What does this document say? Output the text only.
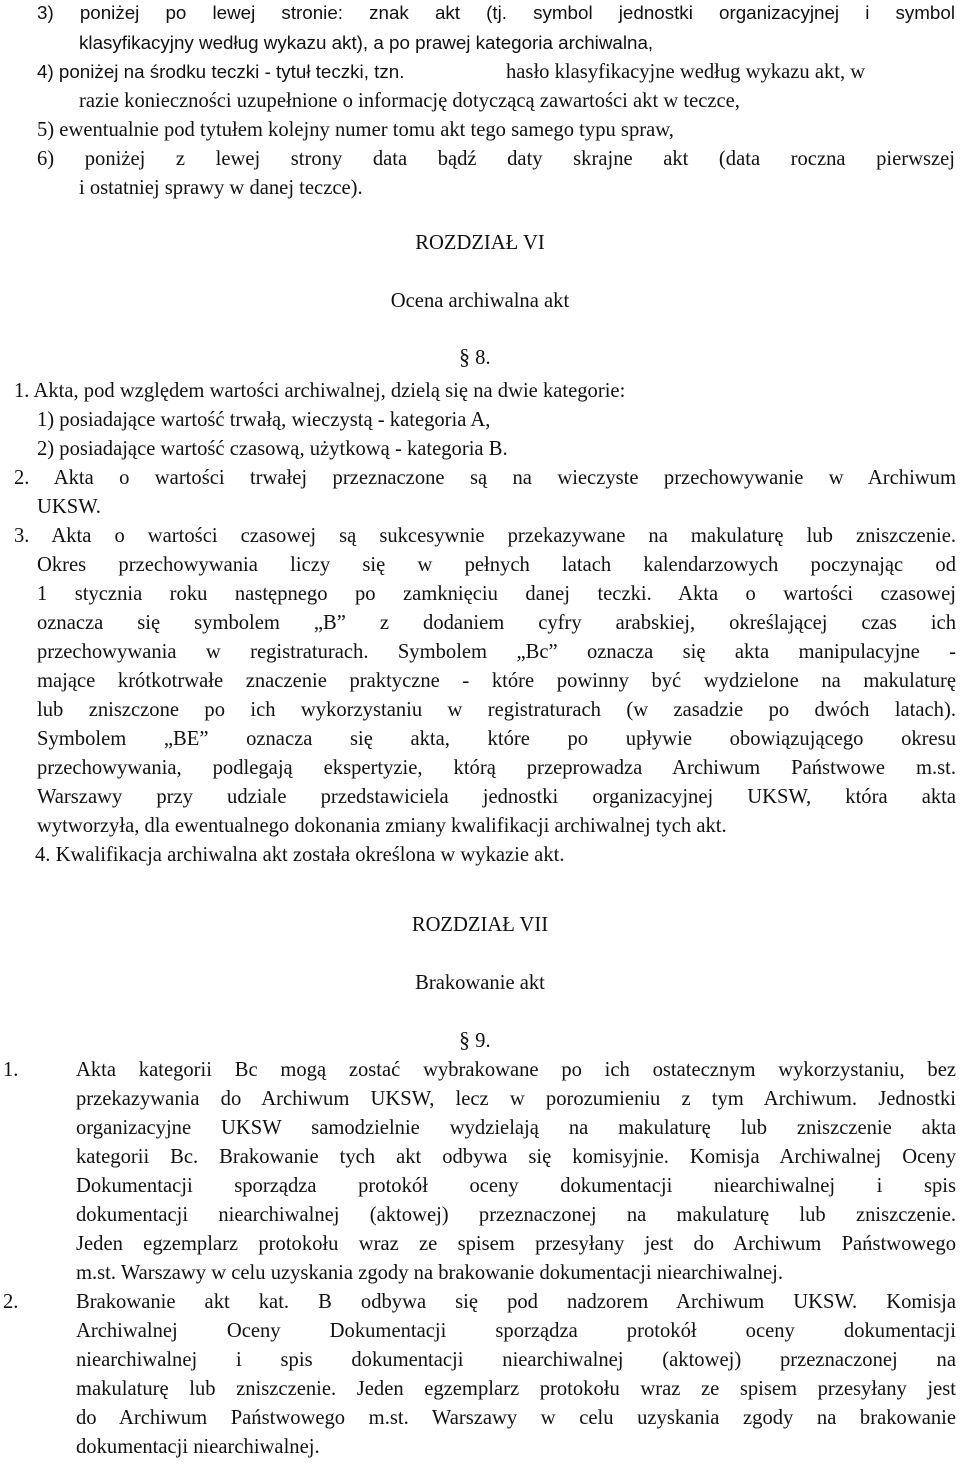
3) poniżej po lewej stronie: znak akt (tj. symbol jednostki organizacyjnej i symbol
klasyfikacyjny według wykazu akt), a po prawej kategoria archiwalna,
4) poniżej na środku teczki - tytuł teczki, tzn.	hasło klasyfikacyjne według wykazu akt, w
razie konieczności uzupełnione o informację dotyczącą zawartości akt w teczce,
5) ewentualnie pod tytułem kolejny numer tomu akt tego samego typu spraw,
6) poniżej z lewej strony data bądź daty skrajne akt (data roczna pierwszej
i ostatniej sprawy w danej teczce).
ROZDZIAŁ VI
Ocena archiwalna akt
§ 8.
1. Akta, pod względem wartości archiwalnej, dzielą się na dwie kategorie:
1) posiadające wartość trwałą, wieczystą - kategoria A,
2) posiadające wartość czasową, użytkową - kategoria B.
2. Akta o wartości trwałej przeznaczone są na wieczyste przechowywanie w Archiwum
UKSW.
3. Akta o wartości czasowej są sukcesywnie przekazywane na makulaturę lub zniszczenie.
Okres przechowywania liczy się w pełnych latach kalendarzowych poczynając od
1 stycznia roku następnego po zamknięciu danej teczki. Akta o wartości czasowej
oznacza się symbolem „B” z dodaniem cyfry arabskiej, określającej czas ich
przechowywania w registraturach. Symbolem „Bc” oznacza się akta manipulacyjne -
mające krótkotrwałe znaczenie praktyczne - które powinny być wydzielone na makulaturę
lub zniszczone po ich wykorzystaniu w registraturach (w zasadzie po dwóch latach).
Symbolem „BE” oznacza się akta, które po upływie obowiązującego okresu
przechowywania, podlegają ekspertyzie, którą przeprowadza Archiwum Państwowe m.st.
Warszawy przy udziale przedstawiciela jednostki organizacyjnej UKSW, która akta
wytworzyła, dla ewentualnego dokonania zmiany kwalifikacji archiwalnej tych akt.
4. Kwalifikacja archiwalna akt została określona w wykazie akt.
ROZDZIAŁ VII
Brakowanie akt
§ 9.
1.	Akta kategorii Bc mogą zostać wybrakowane po ich ostatecznym wykorzystaniu, bez
przekazywania do Archiwum UKSW, lecz w porozumieniu z tym Archiwum. Jednostki
organizacyjne UKSW samodzielnie wydzielają na makulaturę lub zniszczenie akta
kategorii Bc. Brakowanie tych akt odbywa się komisyjnie. Komisja Archiwalnej Oceny
Dokumentacji sporządza protokół oceny dokumentacji niearchiwalnej i spis
dokumentacji niearchiwalnej (aktowej) przeznaczonej na makulaturę lub zniszczenie.
Jeden egzemplarz protokołu wraz ze spisem przesyłany jest do Archiwum Państwowego
m.st. Warszawy w celu uzyskania zgody na brakowanie dokumentacji niearchiwalnej.
2.	Brakowanie akt kat. B odbywa się pod nadzorem Archiwum UKSW. Komisja
Archiwalnej Oceny Dokumentacji sporządza protokół oceny dokumentacji
niearchiwalnej i spis dokumentacji niearchiwalnej (aktowej) przeznaczonej na
makulaturę lub zniszczenie. Jeden egzemplarz protokołu wraz ze spisem przesyłany jest
do Archiwum Państwowego m.st. Warszawy w celu uzyskania zgody na brakowanie
dokumentacji niearchiwalnej.
